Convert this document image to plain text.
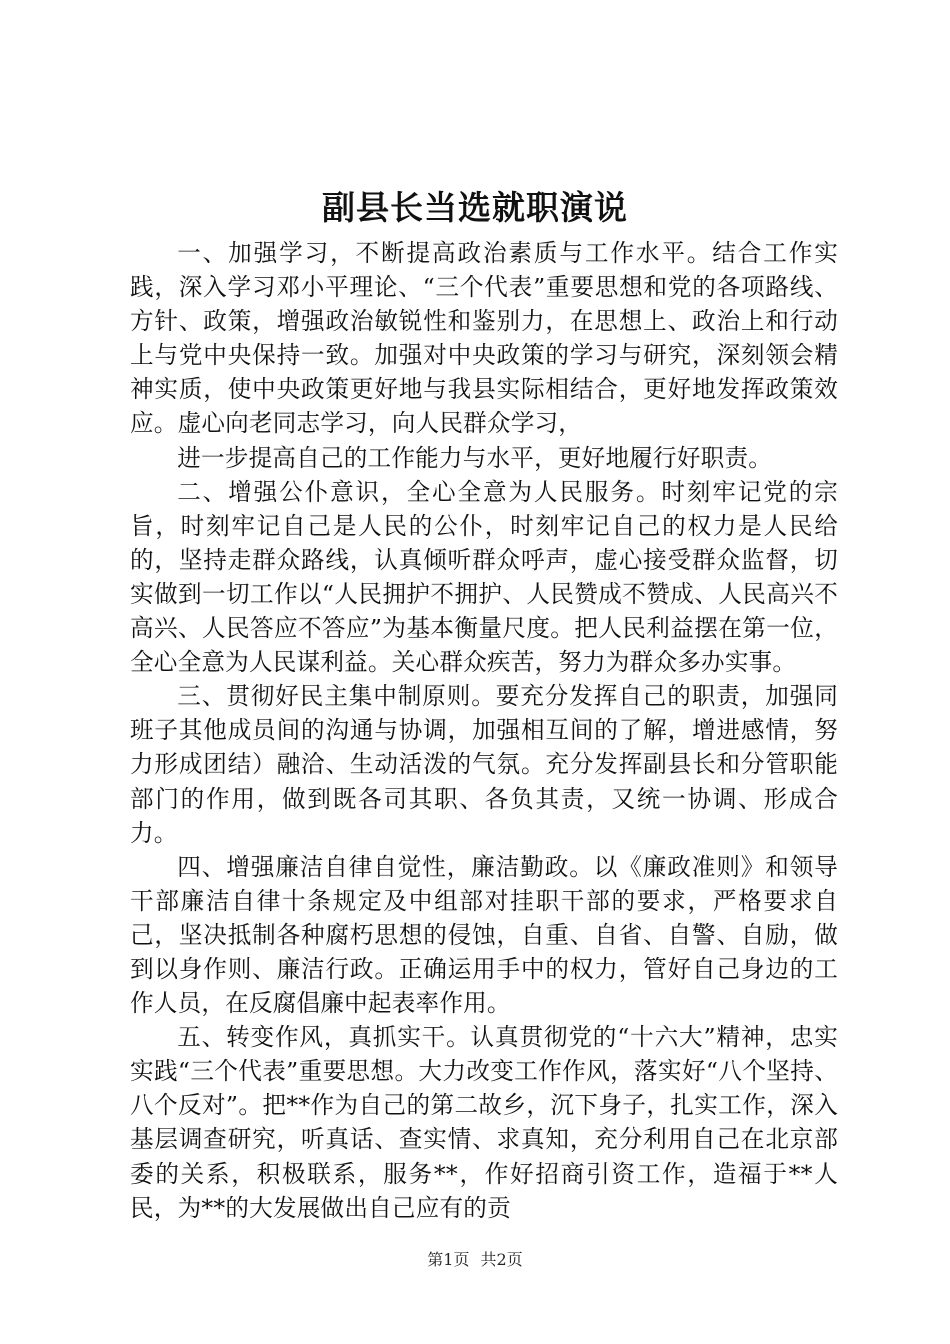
副县长当选就职演说

一、加强学习，不断提高政治素质与工作水平。结合工作实践，深入学习邓小平理论、“三个代表”重要思想和党的各项路线、方针、政策，增强政治敏锐性和鉴别力，在思想上、政治上和行动上与党中央保持一致。加强对中央政策的学习与研究，深刻领会精神实质，使中央政策更好地与我县实际相结合，更好地发挥政策效应。虚心向老同志学习，向人民群众学习，

进一步提高自己的工作能力与水平，更好地履行好职责。

二、增强公仆意识，全心全意为人民服务。时刻牢记党的宗旨，时刻牢记自己是人民的公仆，时刻牢记自己的权力是人民给的，坚持走群众路线，认真倾听群众呼声，虚心接受群众监督，切实做到一切工作以“人民拥护不拥护、人民赞成不赞成、人民高兴不高兴、人民答应不答应”为基本衡量尺度。把人民利益摆在第一位，全心全意为人民谋利益。关心群众疾苦，努力为群众多办实事。

三、贯彻好民主集中制原则。要充分发挥自己的职责，加强同班子其他成员间的沟通与协调，加强相互间的了解，增进感情，努力形成团结）融洽、生动活泼的气氛。充分发挥副县长和分管职能部门的作用，做到既各司其职、各负其责，又统一协调、形成合力。

四、增强廉洁自律自觉性，廉洁勤政。以《廉政准则》和领导干部廉洁自律十条规定及中组部对挂职干部的要求，严格要求自己，坚决抵制各种腐朽思想的侵蚀，自重、自省、自警、自励，做到以身作则、廉洁行政。正确运用手中的权力，管好自己身边的工作人员，在反腐倡廉中起表率作用。

五、转变作风，真抓实干。认真贯彻党的“十六大”精神，忠实实践“三个代表”重要思想。大力改变工作作风，落实好“八个坚持、八个反对”。把**作为自己的第二故乡，沉下身子，扎实工作，深入基层调查研究，听真话、查实情、求真知，充分利用自己在北京部委的关系，积极联系，服务**，作好招商引资工作，造福于**人民，为**的大发展做出自己应有的贡

第1页 共2页
